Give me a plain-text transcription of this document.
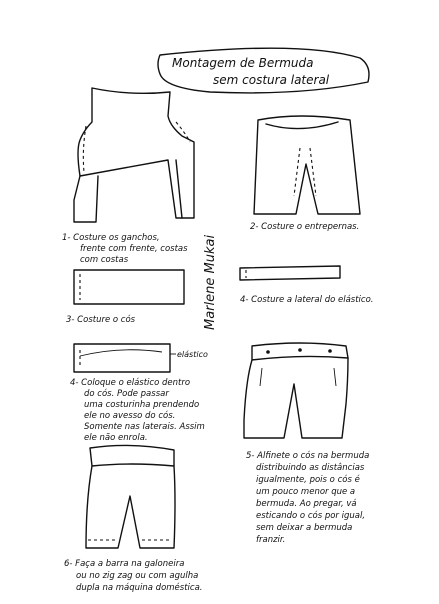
Montagem de Bermuda
sem costura lateral
1- Costure os ganchos,
frente com frente, costas
com costas
2- Costure o entrepernas.
3- Costure o cós	Marlene Mukai	4- Costure a lateral do elástico.
elástico
4- Coloque o elástico dentro
do cós. Pode passar
uma costurinha prendendo
ele no avesso do cós.
Somente nas laterais. Assim
ele não enrola.
5- Alfinete o cós na bermuda
distribuindo as distâncias
igualmente, pois o cós é
um pouco menor que a
bermuda. Ao pregar, vá
esticando o cós por igual,
sem deixar a bermuda
franzir.
6- Faça a barra na galoneira
ou no zig zag ou com agulha
dupla na máquina doméstica.
